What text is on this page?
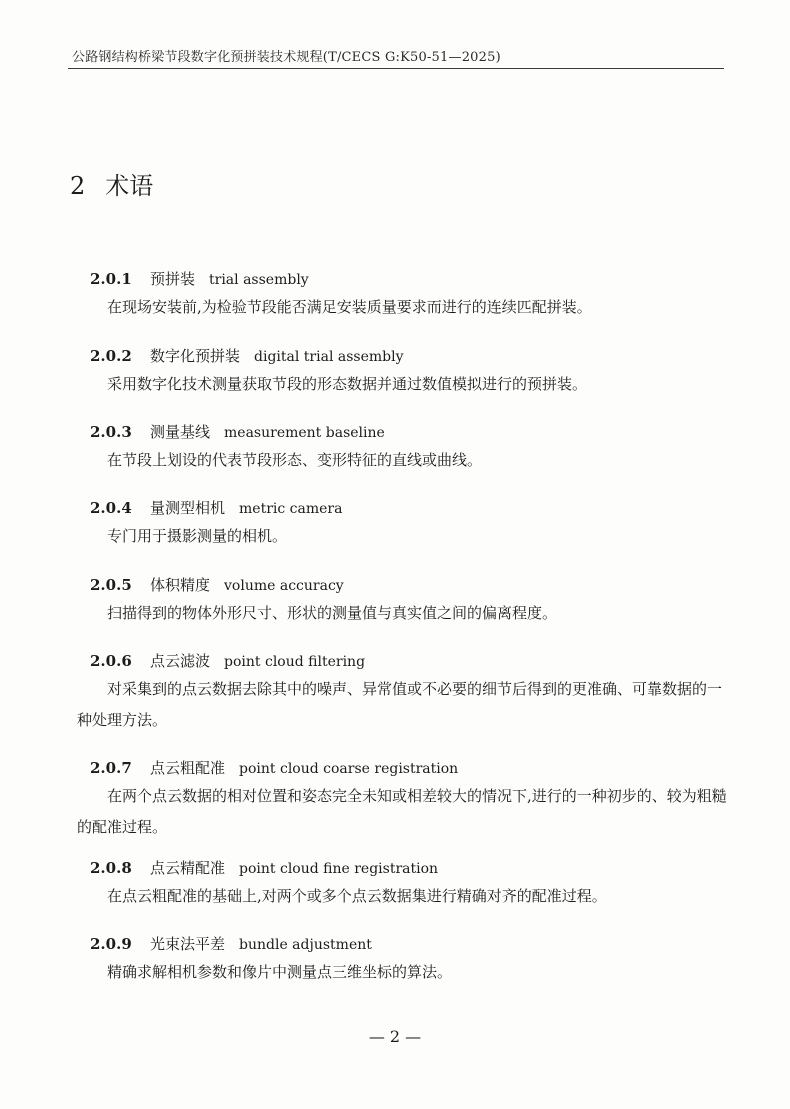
公路钢结构桥梁节段数字化预拼装技术规程(T/CECS G:K50-51—2025)
2 术语
2.0.1 预拼装 trial assembly
在现场安装前,为检验节段能否满足安装质量要求而进行的连续匹配拼装。
2.0.2 数字化预拼装 digital trial assembly
采用数字化技术测量获取节段的形态数据并通过数值模拟进行的预拼装。
2.0.3 测量基线 measurement baseline
在节段上划设的代表节段形态、变形特征的直线或曲线。
2.0.4 量测型相机 metric camera
专门用于摄影测量的相机。
2.0.5 体积精度 volume accuracy
扫描得到的物体外形尺寸、形状的测量值与真实值之间的偏离程度。
2.0.6 点云滤波 point cloud filtering
对采集到的点云数据去除其中的噪声、异常值或不必要的细节后得到的更准确、可靠数据的一种处理方法。
2.0.7 点云粗配准 point cloud coarse registration
在两个点云数据的相对位置和姿态完全未知或相差较大的情况下,进行的一种初步的、较为粗糙的配准过程。
2.0.8 点云精配准 point cloud fine registration
在点云粗配准的基础上,对两个或多个点云数据集进行精确对齐的配准过程。
2.0.9 光束法平差 bundle adjustment
精确求解相机参数和像片中测量点三维坐标的算法。
— 2 —
